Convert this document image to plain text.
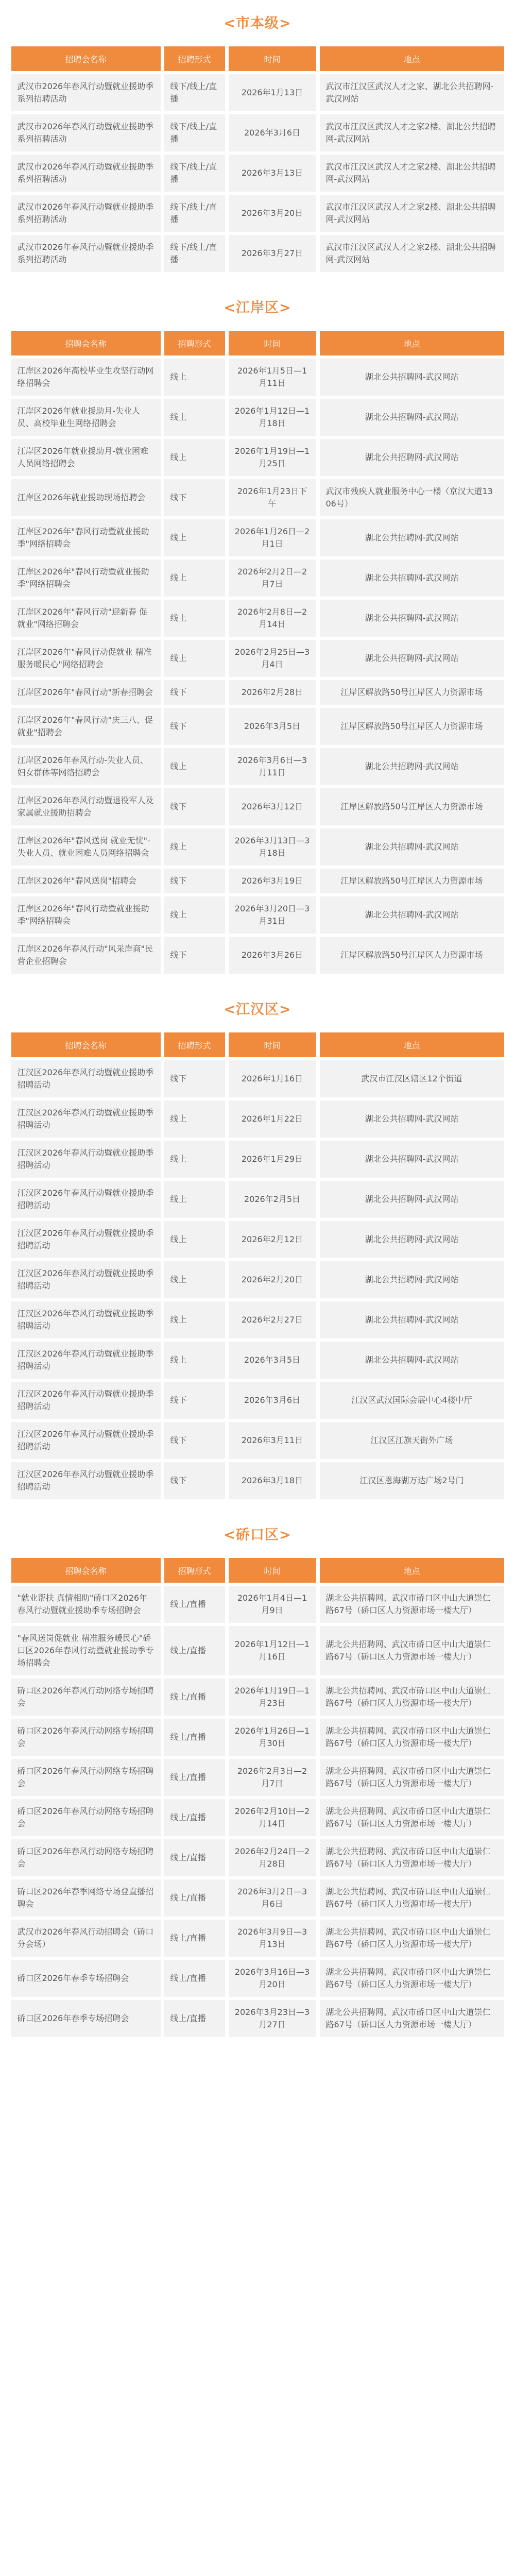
<市本级>
招聘会名称	招聘形式	时间	地点
武汉市2026年春风行动暨就业援助季系列招聘活动	线下/线上/直播	2026年1月13日	武汉市江汉区武汉人才之家、湖北公共招聘网-武汉网站
武汉市2026年春风行动暨就业援助季系列招聘活动	线下/线上/直播	2026年3月6日	武汉市江汉区武汉人才之家2楼、湖北公共招聘网-武汉网站
武汉市2026年春风行动暨就业援助季系列招聘活动	线下/线上/直播	2026年3月13日	武汉市江汉区武汉人才之家2楼、湖北公共招聘网-武汉网站
武汉市2026年春风行动暨就业援助季系列招聘活动	线下/线上/直播	2026年3月20日	武汉市江汉区武汉人才之家2楼、湖北公共招聘网-武汉网站
武汉市2026年春风行动暨就业援助季系列招聘活动	线下/线上/直播	2026年3月27日	武汉市江汉区武汉人才之家2楼、湖北公共招聘网-武汉网站
<江岸区>
招聘会名称	招聘形式	时间	地点
江岸区2026年高校毕业生攻坚行动网络招聘会	线上	2026年1月5日—1月11日	湖北公共招聘网-武汉网站
江岸区2026年就业援助月-失业人员、高校毕业生网络招聘会	线上	2026年1月12日—1月18日	湖北公共招聘网-武汉网站
江岸区2026年就业援助月-就业困难人员网络招聘会	线上	2026年1月19日—1月25日	湖北公共招聘网-武汉网站
江岸区2026年就业援助现场招聘会	线下	2026年1月23日下午	武汉市残疾人就业服务中心一楼（京汉大道1306号）
江岸区2026年"春风行动暨就业援助季"网络招聘会	线上	2026年1月26日—2月1日	湖北公共招聘网-武汉网站
江岸区2026年"春风行动暨就业援助季"网络招聘会	线上	2026年2月2日—2月7日	湖北公共招聘网-武汉网站
江岸区2026年"春风行动"迎新春 促就业"网络招聘会	线上	2026年2月8日—2月14日	湖北公共招聘网-武汉网站
江岸区2026年"春风行动促就业 精准服务暖民心"网络招聘会	线上	2026年2月25日—3月4日	湖北公共招聘网-武汉网站
江岸区2026年"春风行动"新春招聘会	线下	2026年2月28日	江岸区解放路50号江岸区人力资源市场
江岸区2026年"春风行动"庆三八、促就业"招聘会	线下	2026年3月5日	江岸区解放路50号江岸区人力资源市场
江岸区2026年春风行动-失业人员、妇女群体等网络招聘会	线上	2026年3月6日—3月11日	湖北公共招聘网-武汉网站
江岸区2026年春风行动暨退役军人及家属就业援助招聘会	线下	2026年3月12日	江岸区解放路50号江岸区人力资源市场
江岸区2026年"春风送岗 就业无忧"-失业人员、就业困难人员网络招聘会	线上	2026年3月13日—3月18日	湖北公共招聘网-武汉网站
江岸区2026年"春风送岗"招聘会	线下	2026年3月19日	江岸区解放路50号江岸区人力资源市场
江岸区2026年"春风行动暨就业援助季"网络招聘会	线上	2026年3月20日—3月31日	湖北公共招聘网-武汉网站
江岸区2026年春风行动"风采岸商"民营企业招聘会	线下	2026年3月26日	江岸区解放路50号江岸区人力资源市场
<江汉区>
招聘会名称	招聘形式	时间	地点
江汉区2026年春风行动暨就业援助季招聘活动	线下	2026年1月16日	武汉市江汉区辖区12个街道
江汉区2026年春风行动暨就业援助季招聘活动	线上	2026年1月22日	湖北公共招聘网-武汉网站
江汉区2026年春风行动暨就业援助季招聘活动	线上	2026年1月29日	湖北公共招聘网-武汉网站
江汉区2026年春风行动暨就业援助季招聘活动	线上	2026年2月5日	湖北公共招聘网-武汉网站
江汉区2026年春风行动暨就业援助季招聘活动	线上	2026年2月12日	湖北公共招聘网-武汉网站
江汉区2026年春风行动暨就业援助季招聘活动	线上	2026年2月20日	湖北公共招聘网-武汉网站
江汉区2026年春风行动暨就业援助季招聘活动	线上	2026年2月27日	湖北公共招聘网-武汉网站
江汉区2026年春风行动暨就业援助季招聘活动	线上	2026年3月5日	湖北公共招聘网-武汉网站
江汉区2026年春风行动暨就业援助季招聘活动	线下	2026年3月6日	江汉区武汉国际会展中心4楼中厅
江汉区2026年春风行动暨就业援助季招聘活动	线下	2026年3月11日	江汉区江旗天街外广场
江汉区2026年春风行动暨就业援助季招聘活动	线下	2026年3月18日	江汉区恩海湖万达广场2号门
<硚口区>
招聘会名称	招聘形式	时间	地点
"就业帮扶 真情相助"硚口区2026年春风行动暨就业援助季专场招聘会	线上/直播	2026年1月4日—1月9日	湖北公共招聘网、武汉市硚口区中山大道崇仁路67号（硚口区人力资源市场一楼大厅）
"春风送岗促就业 精准服务暖民心"硚口区2026年春风行动暨就业援助季专场招聘会	线上/直播	2026年1月12日—1月16日	湖北公共招聘网、武汉市硚口区中山大道崇仁路67号（硚口区人力资源市场一楼大厅）
硚口区2026年春风行动网络专场招聘会	线上/直播	2026年1月19日—1月23日	湖北公共招聘网、武汉市硚口区中山大道崇仁路67号（硚口区人力资源市场一楼大厅）
硚口区2026年春风行动网络专场招聘会	线上/直播	2026年1月26日—1月30日	湖北公共招聘网、武汉市硚口区中山大道崇仁路67号（硚口区人力资源市场一楼大厅）
硚口区2026年春风行动网络专场招聘会	线上/直播	2026年2月3日—2月7日	湖北公共招聘网、武汉市硚口区中山大道崇仁路67号（硚口区人力资源市场一楼大厅）
硚口区2026年春风行动网络专场招聘会	线上/直播	2026年2月10日—2月14日	湖北公共招聘网、武汉市硚口区中山大道崇仁路67号（硚口区人力资源市场一楼大厅）
硚口区2026年春风行动网络专场招聘会	线上/直播	2026年2月24日—2月28日	湖北公共招聘网、武汉市硚口区中山大道崇仁路67号（硚口区人力资源市场一楼大厅）
硚口区2026年春季网络专场登直播招聘会	线上/直播	2026年3月2日—3月6日	湖北公共招聘网、武汉市硚口区中山大道崇仁路67号（硚口区人力资源市场一楼大厅）
武汉市2026年春风行动招聘会（硚口分会场）	线上/直播	2026年3月9日—3月13日	湖北公共招聘网、武汉市硚口区中山大道崇仁路67号（硚口区人力资源市场一楼大厅）
硚口区2026年春季专场招聘会	线上/直播	2026年3月16日—3月20日	湖北公共招聘网、武汉市硚口区中山大道崇仁路67号（硚口区人力资源市场一楼大厅）
硚口区2026年春季专场招聘会	线上/直播	2026年3月23日—3月27日	湖北公共招聘网、武汉市硚口区中山大道崇仁路67号（硚口区人力资源市场一楼大厅）
